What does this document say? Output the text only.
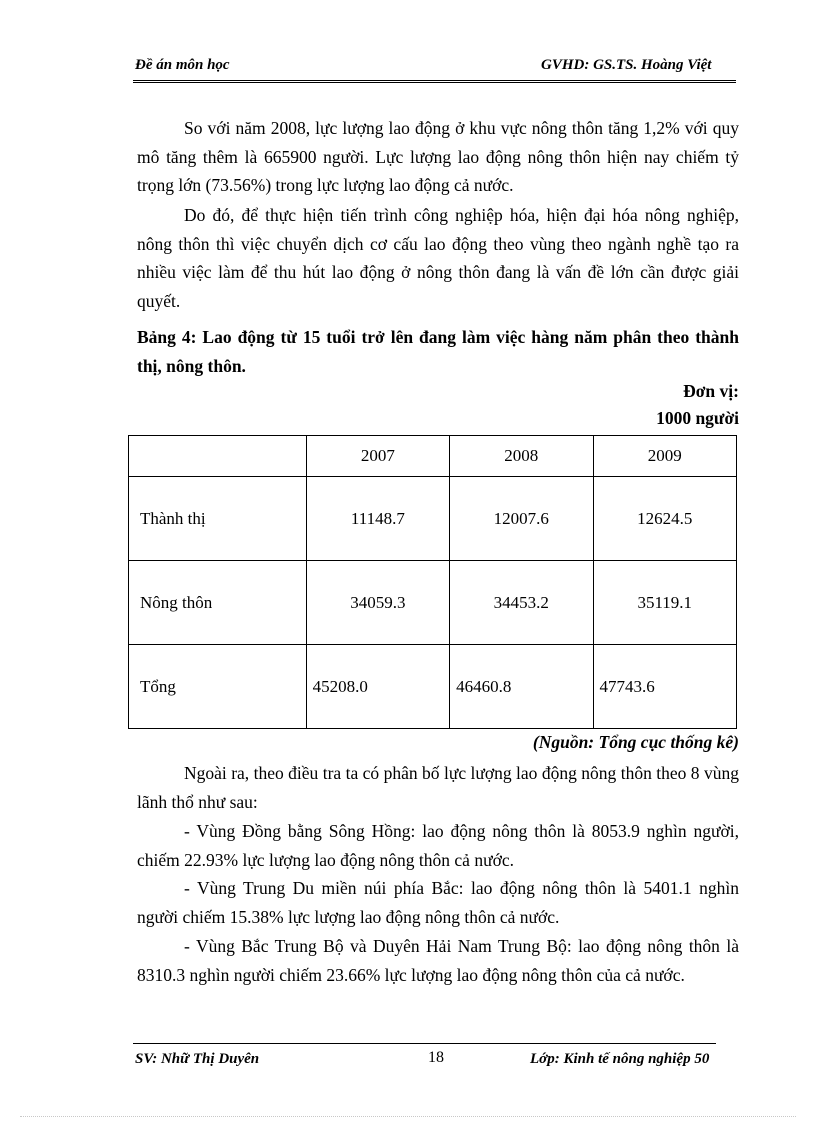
Đề án môn học	GVHD: GS.TS. Hoàng Việt
So với năm 2008, lực lượng lao động ở khu vực nông thôn tăng 1,2% với quy mô tăng thêm là 665900 người. Lực lượng lao động nông thôn hiện nay chiếm tỷ trọng lớn (73.56%) trong lực lượng lao động cả nước.
Do đó, để thực hiện tiến trình công nghiệp hóa, hiện đại hóa nông nghiệp, nông thôn thì việc chuyển dịch cơ cấu lao động theo vùng theo ngành nghề tạo ra nhiều việc làm để thu hút lao động ở nông thôn đang là vấn đề lớn cần được giải quyết.
Bảng 4: Lao động từ 15 tuổi trở lên đang làm việc hàng năm phân theo thành thị, nông thôn.
Đơn vị:
1000 người
	2007	2008	2009
Thành thị	11148.7	12007.6	12624.5
Nông thôn	34059.3	34453.2	35119.1
Tổng	45208.0	46460.8	47743.6
(Nguồn: Tổng cục thống kê)
Ngoài ra, theo điều tra ta có phân bố lực lượng lao động nông thôn theo 8 vùng lãnh thổ như sau:
- Vùng Đồng bằng Sông Hồng: lao động nông thôn là 8053.9 nghìn người, chiếm 22.93% lực lượng lao động nông thôn cả nước.
- Vùng Trung Du miền núi phía Bắc: lao động nông thôn là 5401.1 nghìn người chiếm 15.38% lực lượng lao động nông thôn cả nước.
- Vùng Bắc Trung Bộ và Duyên Hải Nam Trung Bộ: lao động nông thôn là 8310.3 nghìn người chiếm 23.66% lực lượng lao động nông thôn của cả nước.
SV: Nhữ Thị Duyên	18	Lớp: Kinh tế nông nghiệp 50
